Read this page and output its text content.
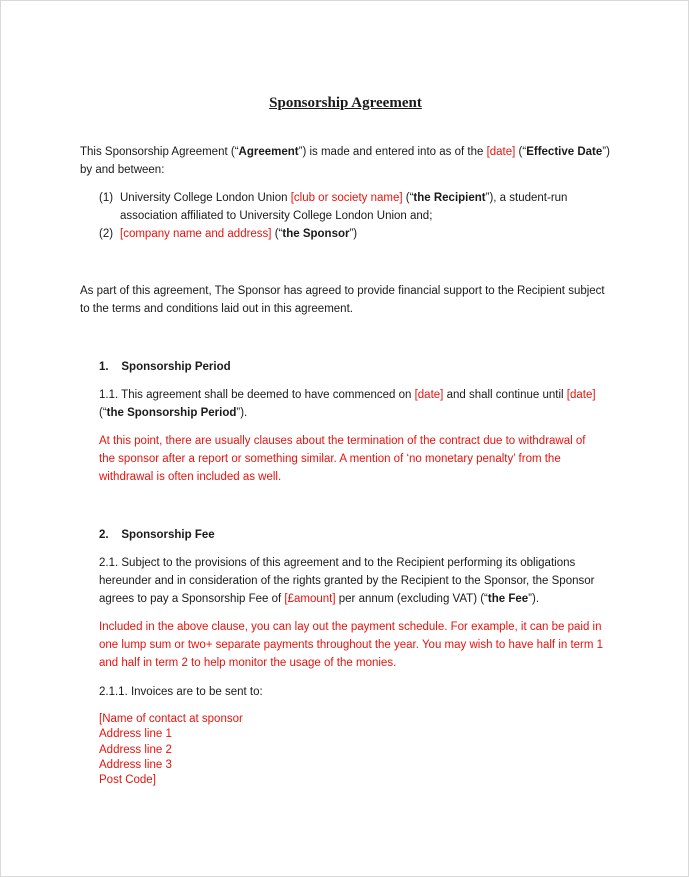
Sponsorship Agreement

This Sponsorship Agreement (“Agreement”) is made and entered into as of the [date] (“Effective Date”)
by and between:

(1) University College London Union [club or society name] (“the Recipient”), a student-run
association affiliated to University College London Union and;
(2) [company name and address] (“the Sponsor”)

As part of this agreement, The Sponsor has agreed to provide financial support to the Recipient subject
to the terms and conditions laid out in this agreement.

1.    Sponsorship Period

1.1. This agreement shall be deemed to have commenced on [date] and shall continue until [date]
(“the Sponsorship Period”).

At this point, there are usually clauses about the termination of the contract due to withdrawal of
the sponsor after a report or something similar. A mention of ‘no monetary penalty’ from the
withdrawal is often included as well.

2.    Sponsorship Fee

2.1. Subject to the provisions of this agreement and to the Recipient performing its obligations
hereunder and in consideration of the rights granted by the Recipient to the Sponsor, the Sponsor
agrees to pay a Sponsorship Fee of [£amount] per annum (excluding VAT) (“the Fee”).

Included in the above clause, you can lay out the payment schedule. For example, it can be paid in
one lump sum or two+ separate payments throughout the year. You may wish to have half in term 1
and half in term 2 to help monitor the usage of the monies.

2.1.1. Invoices are to be sent to:

[Name of contact at sponsor
Address line 1
Address line 2
Address line 3
Post Code]
